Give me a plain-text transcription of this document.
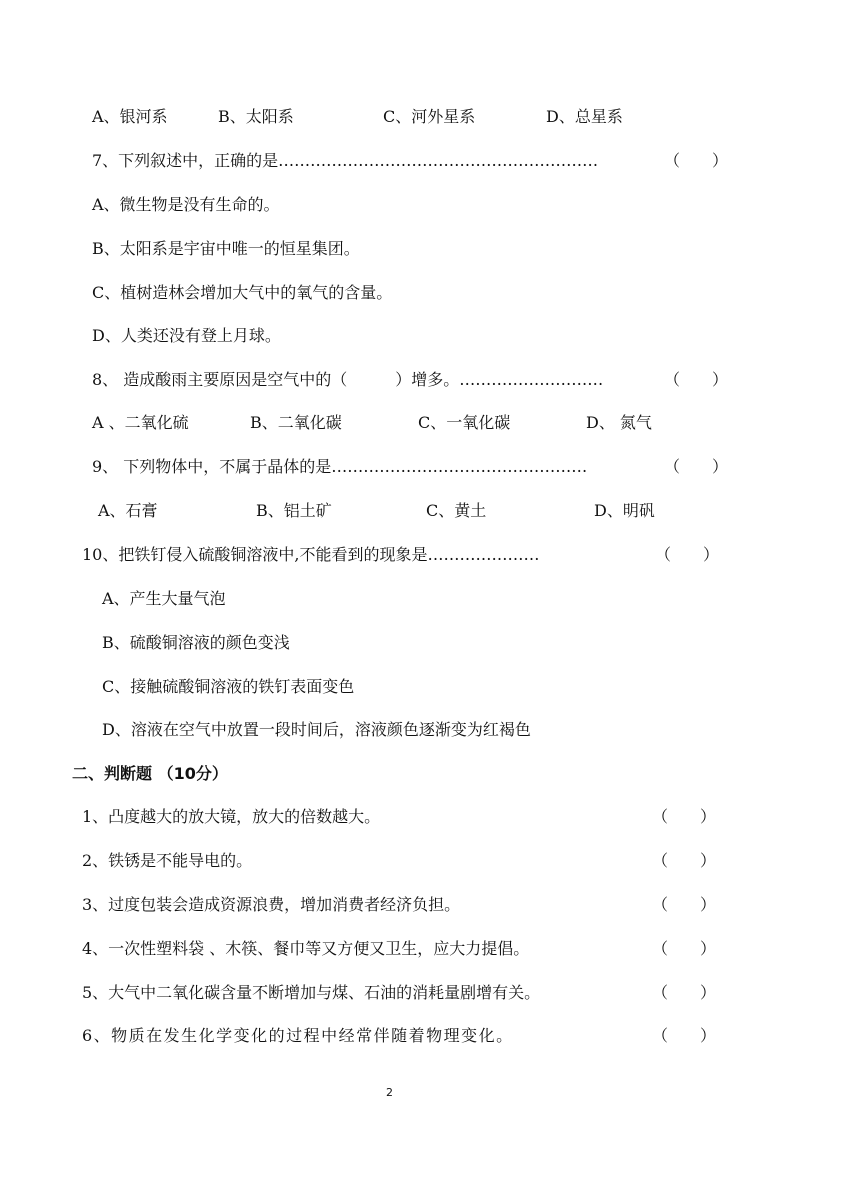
A、银河系	B、太阳系	C、河外星系	D、总星系
7、下列叙述中，正确的是……………………………………………………	（　　）
A、微生物是没有生命的。
B、太阳系是宇宙中唯一的恒星集团。
C、植树造林会增加大气中的氧气的含量。
D、人类还没有登上月球。
8、 造成酸雨主要原因是空气中的（　　　）增多。………………………	（　　）
A 、二氧化硫	B、二氧化碳	C、一氧化碳	D、 氮气
9、 下列物体中，不属于晶体的是…………………………………………	（　　）
A、石膏	B、铝土矿	C、黄土	D、明矾
10、把铁钉侵入硫酸铜溶液中,不能看到的现象是…………………	（　　）
A、产生大量气泡
B、硫酸铜溶液的颜色变浅
C、接触硫酸铜溶液的铁钉表面变色
D、溶液在空气中放置一段时间后，溶液颜色逐渐变为红褐色
二、判断题 （10分）
1、凸度越大的放大镜，放大的倍数越大。	（　　）
2、铁锈是不能导电的。	（　　）
3、过度包装会造成资源浪费，增加消费者经济负担。	（　　）
4、一次性塑料袋 、木筷、餐巾等又方便又卫生，应大力提倡。	（　　）
5、大气中二氧化碳含量不断增加与煤、石油的消耗量剧增有关。	（　　）
6、物质在发生化学变化的过程中经常伴随着物理变化。	（　　）
2
